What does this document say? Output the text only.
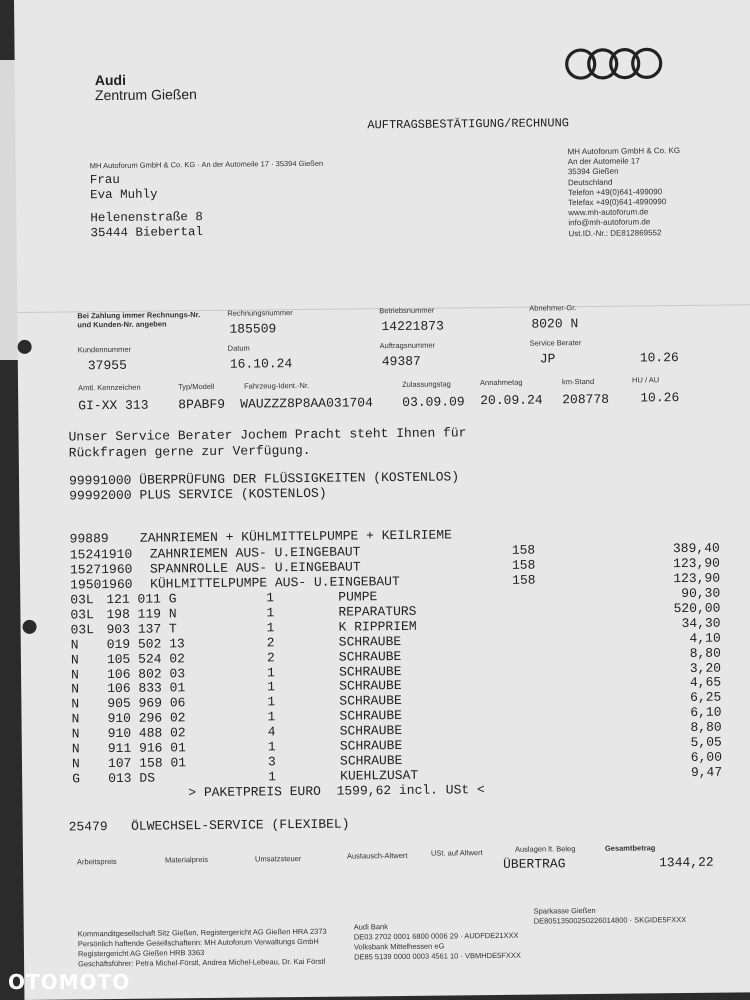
Audi
Zentrum Gießen
AUFTRAGSBESTÄTIGUNG/RECHNUNG
MH Autoforum GmbH & Co. KG · An der Automeile 17 · 35394 Gießen
Frau
Eva Muhly
Helenenstraße 8
35444 Biebertal
MH Autoforum GmbH & Co. KG
An der Automeile 17
35394 Gießen
Deutschland
Telefon +49(0)641-499090
Telefax +49(0)641-4990990
www.mh-autoforum.de
info@mh-autoforum.de
Ust.ID.-Nr.: DE812869552
Bei Zahlung immer Rechnungs-Nr. und Kunden-Nr. angeben
Rechnungsnummer
185509
Betriebsnummer
14221873
Abnehmer-Gr.
8020 N
Kundennummer
37955
Datum
16.10.24
Auftragsnummer
49387
Service Berater
JP	10.26
Amtl. Kennzeichen
GI-XX 313
Typ/Modell
8PABF9
Fahrzeug-Ident.-Nr.
WAUZZZ8P8AA031704
Zulassungstag
03.09.09
Annahmetag
20.09.24
km-Stand
208778
HU / AU
10.26
Unser Service Berater Jochem Pracht steht Ihnen für
Rückfragen gerne zur Verfügung.
99991000 ÜBERPRÜFUNG DER FLÜSSIGKEITEN (KOSTENLOS)
99992000 PLUS SERVICE (KOSTENLOS)
99889    ZAHNRIEMEN + KÜHLMITTELPUMPE + KEILRIEME
15241910 ZAHNRIEMEN AUS- U.EINGEBAUT	158	389,40
15271960 SPANNROLLE AUS- U.EINGEBAUT	158	123,90
19501960 KÜHLMITTELPUMPE AUS- U.EINGEBAUT	158	123,90
03L 121 011 G	1	PUMPE	90,30
03L 198 119 N	1	REPARATURS	520,00
03L 903 137 T	1	K RIPPRIEM	34,30
N 019 502 13	2	SCHRAUBE	4,10
N 105 524 02	2	SCHRAUBE	8,80
N 106 802 03	1	SCHRAUBE	3,20
N 106 833 01	1	SCHRAUBE	4,65
N 905 969 06	1	SCHRAUBE	6,25
N 910 296 02	1	SCHRAUBE	6,10
N 910 488 02	4	SCHRAUBE	8,80
N 911 916 01	1	SCHRAUBE	5,05
N 107 158 01	3	SCHRAUBE	6,00
G 013 DS	1	KUEHLZUSAT	9,47
> PAKETPREIS EURO  1599,62 incl. USt <
25479   ÖLWECHSEL-SERVICE (FLEXIBEL)
Arbeitspreis	Materialpreis	Umsatzsteuer	Austausch-Altwert	USt. auf Altwert	Auslagen lt. Beleg	Gesamtbetrag
ÜBERTRAG	1344,22
Kommanditgesellschaft Sitz Gießen, Registergericht AG Gießen HRA 2373
Persönlich haftende Gesellschafterin: MH Autoforum Verwaltungs GmbH
Registergericht AG Gießen HRB 3363
Geschäftsführer: Petra Michel-Förstl, Andrea Michel-Lebeau, Dr. Kai Förstl
Audi Bank
DE03 2702 0001 6800 0006 29 · AUDFDE21XXX
Volksbank Mittelhessen eG
DE85 5139 0000 0003 4561 10 · VBMHDE5FXXX
Sparkasse Gießen
DE80513500250226014800 · SKGIDE5FXXX
OTOMOTO
